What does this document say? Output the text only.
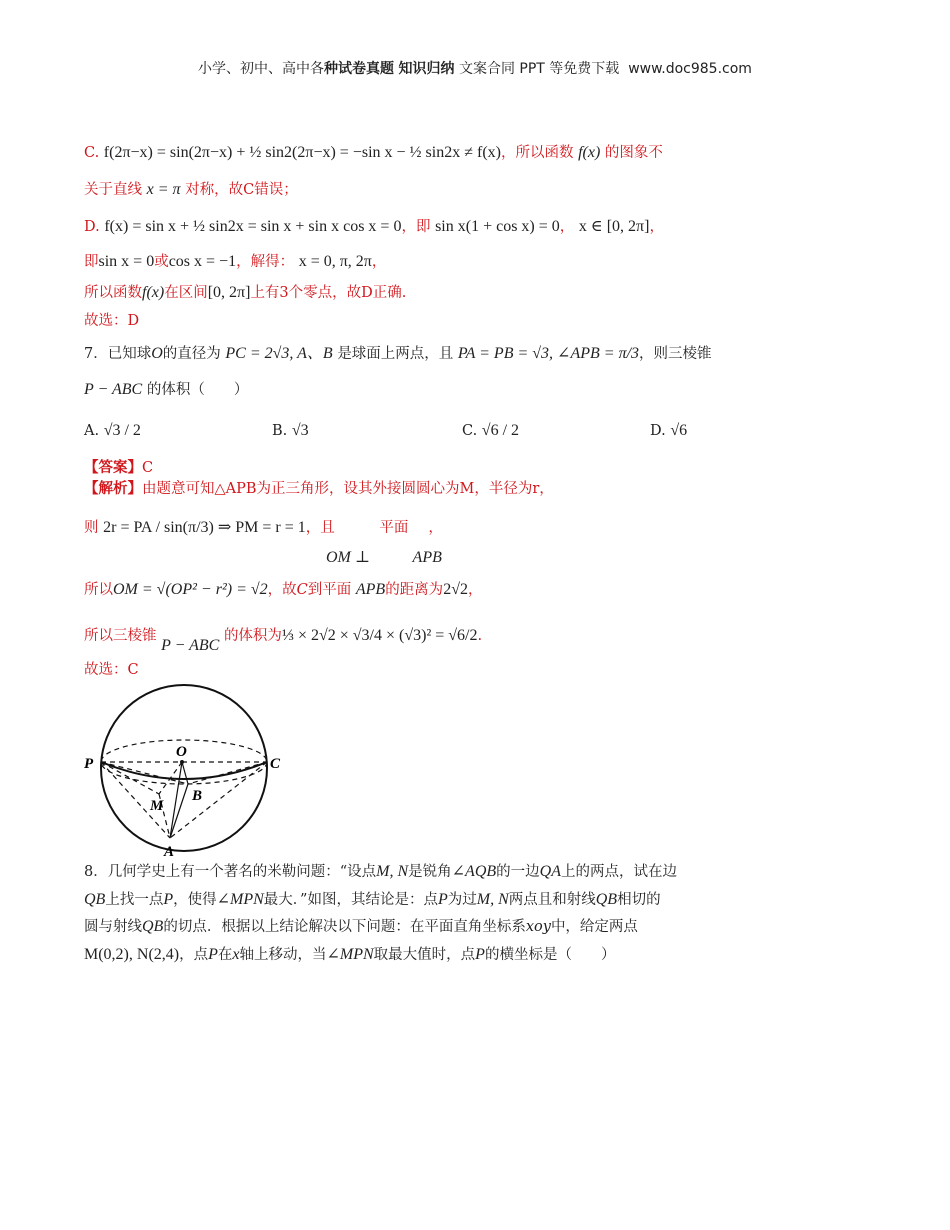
小学、初中、高中各种试卷真题 知识归纳 文案合同 PPT 等免费下载 www.doc985.com
C. f(2π−x) = sin(2π−x) + ½ sin2(2π−x) = −sin x − ½ sin2x ≠ f(x)，所以函数 f(x) 的图象不
关于直线 x = π 对称，故C错误；
D. f(x) = sin x + ½ sin2x = sin x + sin x cos x = 0，即 sin x(1 + cos x) = 0， x ∈ [0, 2π]，
即sin x = 0或cos x = −1，解得： x = 0, π, 2π，
所以函数f(x)在区间[0, 2π]上有3个零点，故D正确.
故选：D
7．已知球O的直径为 PC = 2√3, A、B 是球面上两点，且 PA = PB = √3, ∠APB = π/3，则三棱锥
P − ABC 的体积（　　）
A. √3 / 2	B. √3	C. √6 / 2	D. √6
【答案】C
【解析】由题意可知△APB为正三角形，设其外接圆圆心为M，半径为r，
则 2r = PA / sin(π/3) ⇒ PM = r = 1，且	平面 ，
OM ⊥	APB
所以OM = √(OP² − r²) = √2，故C到平面 APB的距离为2√2，
所以三棱锥 P − ABC 的体积为⅓ × 2√2 × √3/4 × (√3)² = √6/2.
故选：C
P
O
C
M
B
A
8．几何学史上有一个著名的米勒问题：“设点M, N是锐角∠AQB的一边QA上的两点，试在边
QB上找一点P，使得∠MPN最大．”如图，其结论是：点P为过M, N两点且和射线QB相切的
圆与射线QB的切点．根据以上结论解决以下问题：在平面直角坐标系xoy中，给定两点
M(0,2), N(2,4)，点P在x轴上移动，当∠MPN取最大值时，点P的横坐标是（　　）
